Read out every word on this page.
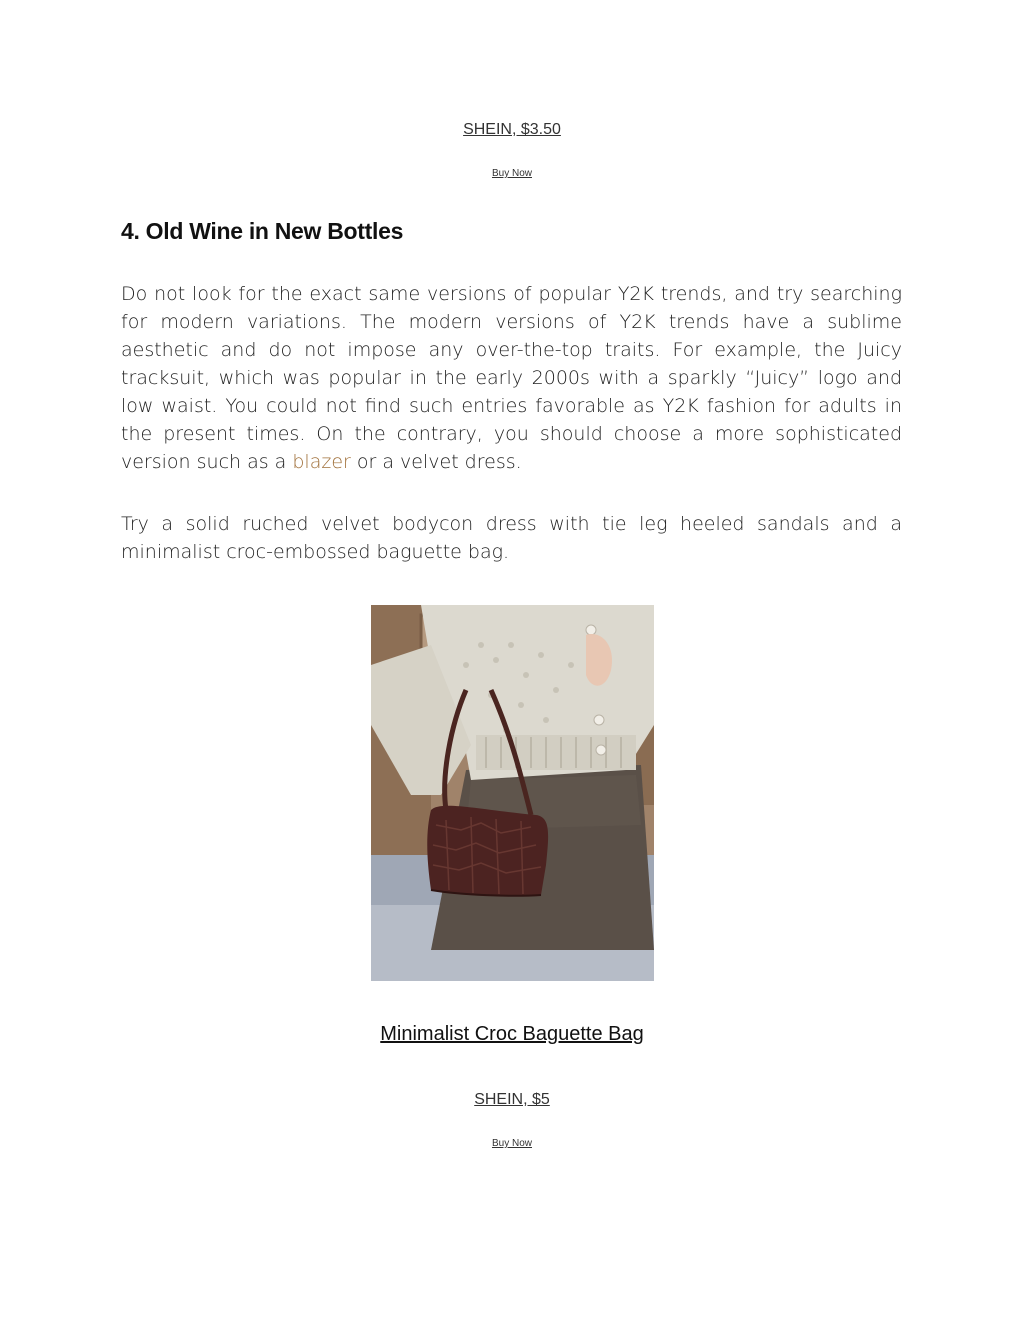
SHEIN, $3.50
Buy Now
4. Old Wine in New Bottles

Do not look for the exact same versions of popular Y2K trends, and try searching for modern variations. The modern versions of Y2K trends have a sublime aesthetic and do not impose any over-the-top traits. For example, the Juicy tracksuit, which was popular in the early 2000s with a sparkly “Juicy” logo and low waist. You could not find such entries favorable as Y2K fashion for adults in the present times. On the contrary, you should choose a more sophisticated version such as a blazer or a velvet dress.

Try a solid ruched velvet bodycon dress with tie leg heeled sandals and a minimalist croc-embossed baguette bag.

Minimalist Croc Baguette Bag
SHEIN, $5
Buy Now
